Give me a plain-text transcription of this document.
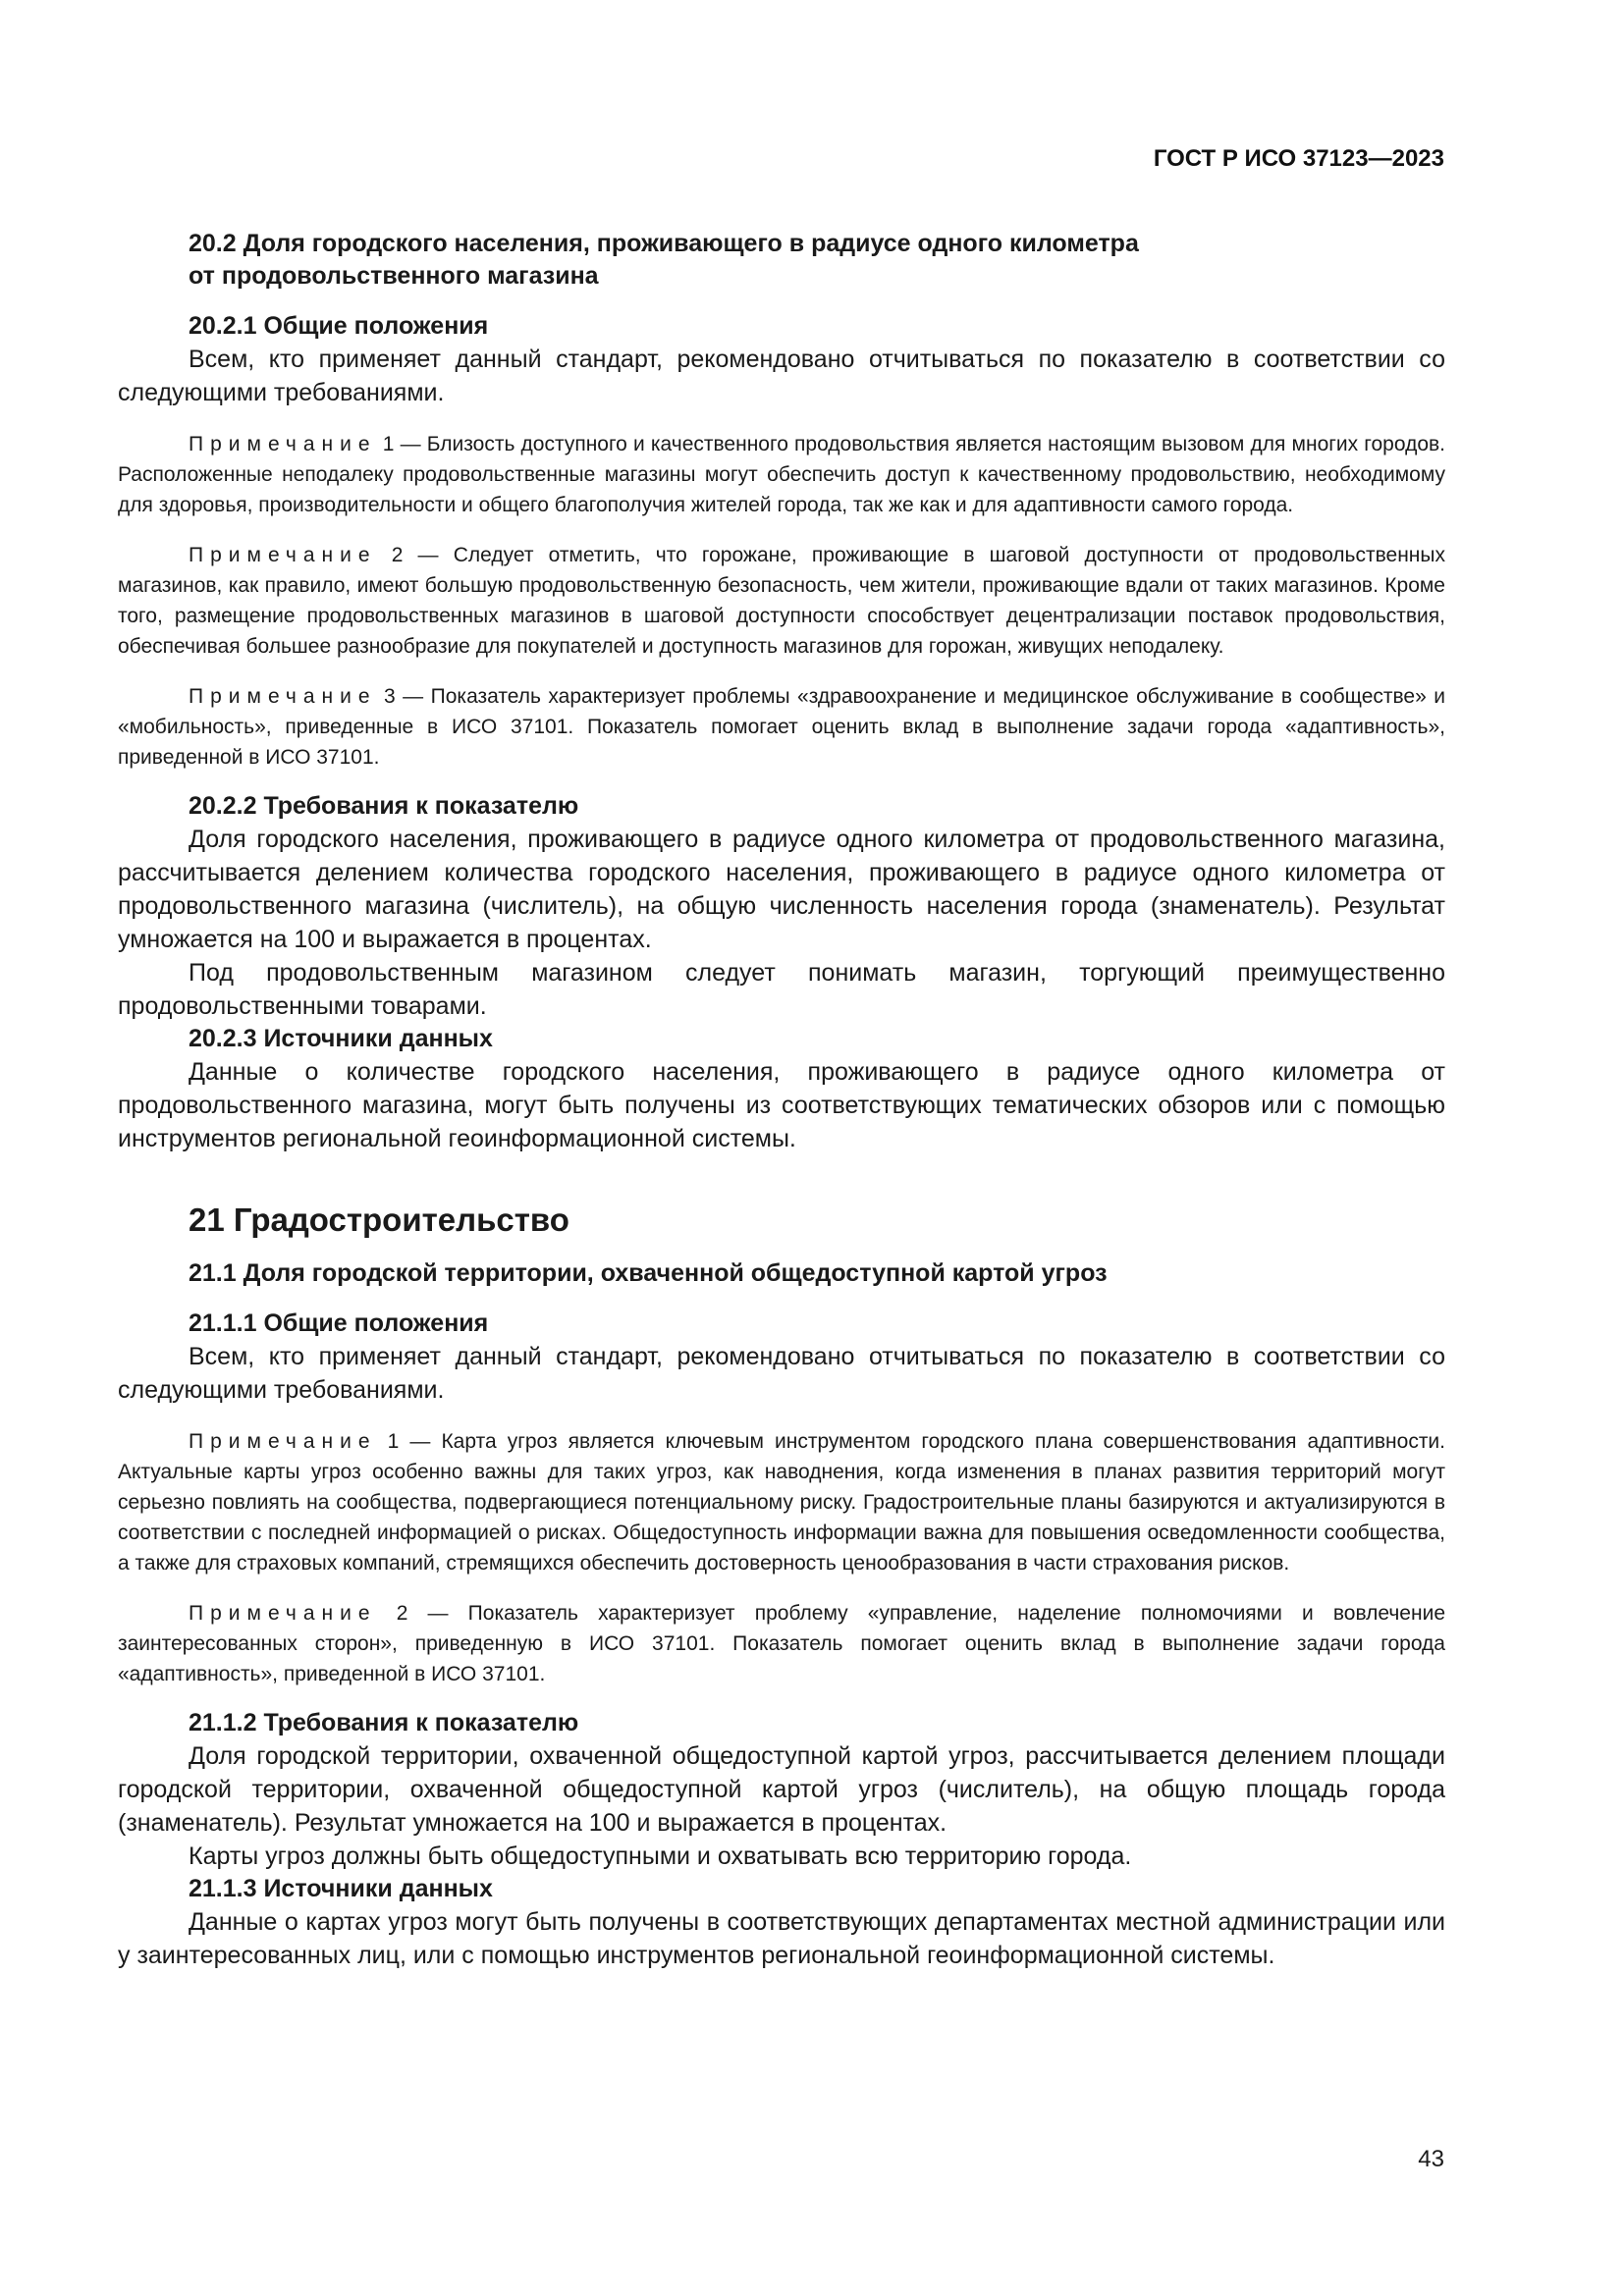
ГОСТ Р ИСО 37123—2023
20.2 Доля городского населения, проживающего в радиусе одного километра
от продовольственного магазина
20.2.1 Общие положения

Всем, кто применяет данный стандарт, рекомендовано отчитываться по показателю в соответствии со следующими требованиями.

Примечание 1 — Близость доступного и качественного продовольствия является настоящим вызовом для многих городов. Расположенные неподалеку продовольственные магазины могут обеспечить доступ к качественному продовольствию, необходимому для здоровья, производительности и общего благополучия жителей города, так же как и для адаптивности самого города.

Примечание 2 — Следует отметить, что горожане, проживающие в шаговой доступности от продовольственных магазинов, как правило, имеют большую продовольственную безопасность, чем жители, проживающие вдали от таких магазинов. Кроме того, размещение продовольственных магазинов в шаговой доступности способствует децентрализации поставок продовольствия, обеспечивая большее разнообразие для покупателей и доступность магазинов для горожан, живущих неподалеку.

Примечание 3 — Показатель характеризует проблемы «здравоохранение и медицинское обслуживание в сообществе» и «мобильность», приведенные в ИСО 37101. Показатель помогает оценить вклад в выполнение задачи города «адаптивность», приведенной в ИСО 37101.

20.2.2 Требования к показателю

Доля городского населения, проживающего в радиусе одного километра от продовольственного магазина, рассчитывается делением количества городского населения, проживающего в радиусе одного километра от продовольственного магазина (числитель), на общую численность населения города (знаменатель). Результат умножается на 100 и выражается в процентах.

Под продовольственным магазином следует понимать магазин, торгующий преимущественно продовольственными товарами.

20.2.3 Источники данных

Данные о количестве городского населения, проживающего в радиусе одного километра от продовольственного магазина, могут быть получены из соответствующих тематических обзоров или с помощью инструментов региональной геоинформационной системы.

21 Градостроительство
21.1 Доля городской территории, охваченной общедоступной картой угроз
21.1.1 Общие положения

Всем, кто применяет данный стандарт, рекомендовано отчитываться по показателю в соответствии со следующими требованиями.

Примечание 1 — Карта угроз является ключевым инструментом городского плана совершенствования адаптивности. Актуальные карты угроз особенно важны для таких угроз, как наводнения, когда изменения в планах развития территорий могут серьезно повлиять на сообщества, подвергающиеся потенциальному риску. Градостроительные планы базируются и актуализируются в соответствии с последней информацией о рисках. Общедоступность информации важна для повышения осведомленности сообщества, а также для страховых компаний, стремящихся обеспечить достоверность ценообразования в части страхования рисков.

Примечание 2 — Показатель характеризует проблему «управление, наделение полномочиями и вовлечение заинтересованных сторон», приведенную в ИСО 37101. Показатель помогает оценить вклад в выполнение задачи города «адаптивность», приведенной в ИСО 37101.

21.1.2 Требования к показателю

Доля городской территории, охваченной общедоступной картой угроз, рассчитывается делением площади городской территории, охваченной общедоступной картой угроз (числитель), на общую площадь города (знаменатель). Результат умножается на 100 и выражается в процентах.

Карты угроз должны быть общедоступными и охватывать всю территорию города.

21.1.3 Источники данных

Данные о картах угроз могут быть получены в соответствующих департаментах местной администрации или у заинтересованных лиц, или с помощью инструментов региональной геоинформационной системы.

43
